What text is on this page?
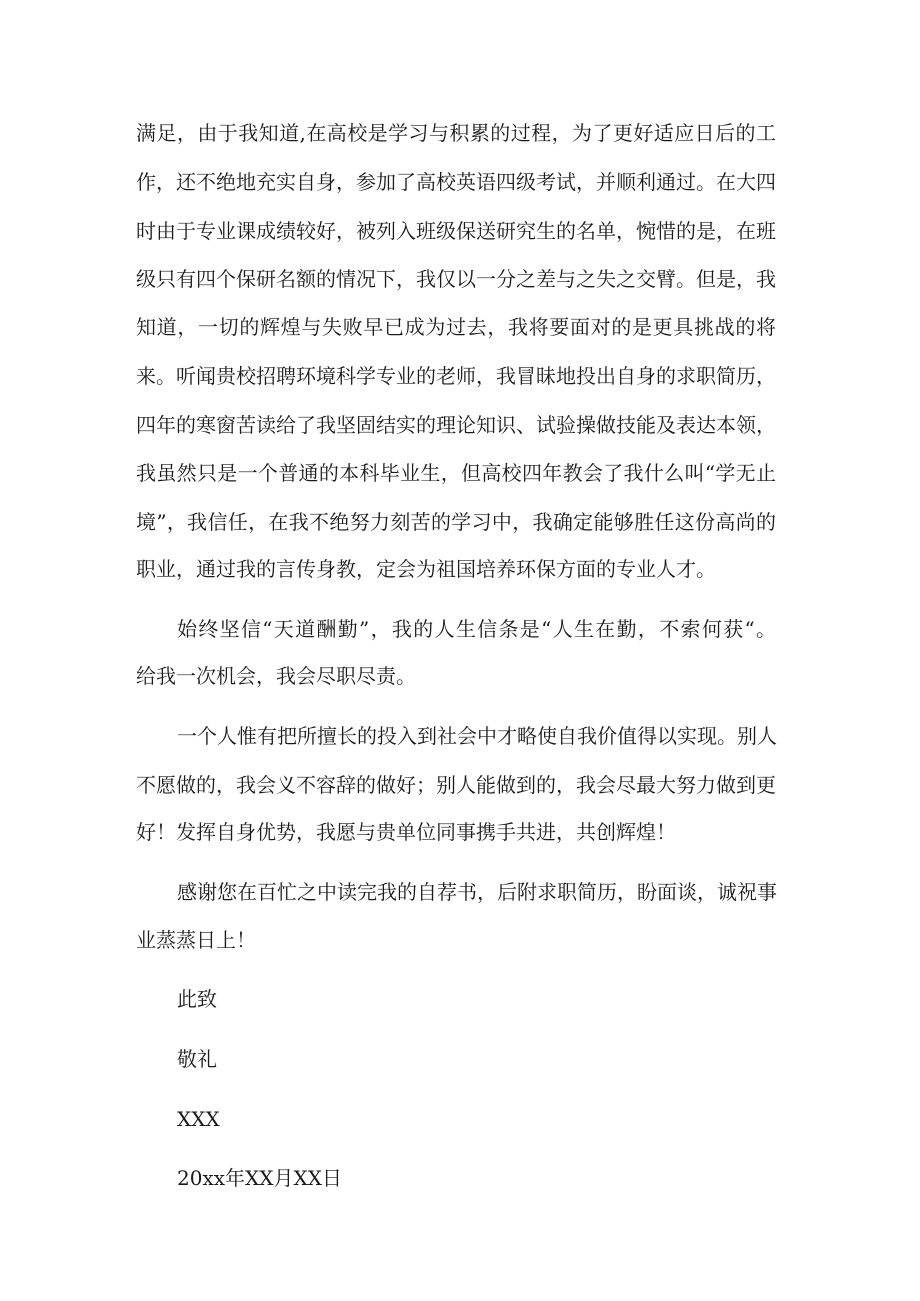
满足，由于我知道,在高校是学习与积累的过程，为了更好适应日后的工
作，还不绝地充实自身，参加了高校英语四级考试，并顺利通过。在大四
时由于专业课成绩较好，被列入班级保送研究生的名单，惋惜的是，在班
级只有四个保研名额的情况下，我仅以一分之差与之失之交臂。但是，我
知道，一切的辉煌与失败早已成为过去，我将要面对的是更具挑战的将
来。听闻贵校招聘环境科学专业的老师，我冒昧地投出自身的求职简历，
四年的寒窗苦读给了我坚固结实的理论知识、试验操做技能及表达本领，
我虽然只是一个普通的本科毕业生，但高校四年教会了我什么叫“学无止
境”，我信任，在我不绝努力刻苦的学习中，我确定能够胜任这份高尚的
职业，通过我的言传身教，定会为祖国培养环保方面的专业人才。
始终坚信“天道酬勤”，我的人生信条是“人生在勤，不索何获“。
给我一次机会，我会尽职尽责。
一个人惟有把所擅长的投入到社会中才略使自我价值得以实现。别人
不愿做的，我会义不容辞的做好；别人能做到的，我会尽最大努力做到更
好！发挥自身优势，我愿与贵单位同事携手共进，共创辉煌！
感谢您在百忙之中读完我的自荐书，后附求职简历，盼面谈，诚祝事
业蒸蒸日上！
此致
敬礼
XXX
20xx年XX月XX日
